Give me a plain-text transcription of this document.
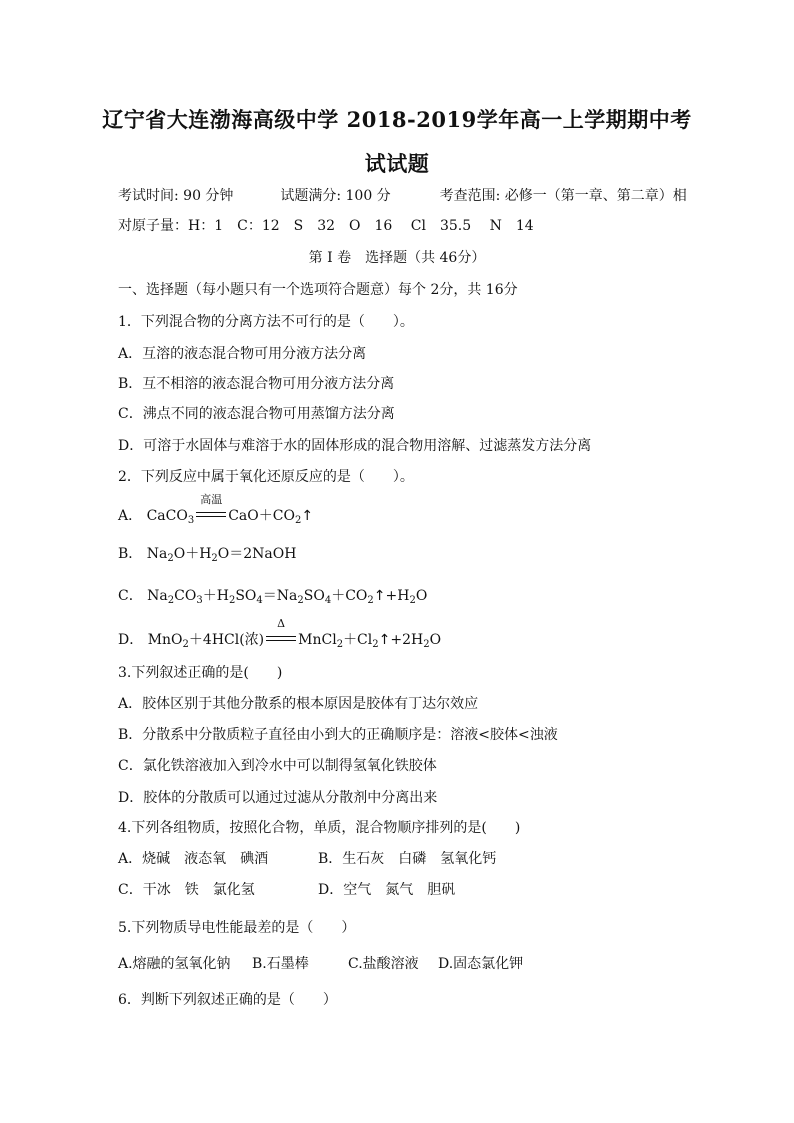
辽宁省大连渤海高级中学 2018-2019学年高一上学期期中考
试试题
考试时间: 90 分钟	试题满分: 100 分	考查范围: 必修一（第一章、第二章）相
对原子量：H：1　C：12　S　32　O　16　 Cl　35.5　 N　14
第 I 卷　选择题（共 46分）
一、选择题（每小题只有一个选项符合题意）每个 2分，共 16分
1．下列混合物的分离方法不可行的是（　　）。
A．互溶的液态混合物可用分液方法分离
B．互不相溶的液态混合物可用分液方法分离
C．沸点不同的液态混合物可用蒸馏方法分离
D．可溶于水固体与难溶于水的固体形成的混合物用溶解、过滤蒸发方法分离
2．下列反应中属于氧化还原反应的是（　　）。
A． CaCO$_3$
高温
$CaO+CO_2↑$
B． $Na_2O+H_2O=2NaOH$
C． $Na_2CO_3+H_2SO_4=Na_2SO_4+CO_2↑+H_2O$
D． MnO$_2$＋4HCl(浓)
Δ
$MnCl_2+Cl_2↑+2H_2O$
3.下列叙述正确的是(　　)
A．胶体区别于其他分散系的根本原因是胶体有丁达尔效应
B．分散系中分散质粒子直径由小到大的正确顺序是：溶液<胶体<浊液
C．氯化铁溶液加入到冷水中可以制得氢氧化铁胶体
D．胶体的分散质可以通过过滤从分散剂中分离出来
4.下列各组物质，按照化合物，单质，混合物顺序排列的是(　　)
A．烧碱　液态氧　碘酒	B．生石灰　白磷　氢氧化钙
C．干冰　铁　氯化氢	D．空气　氮气　胆矾
5.下列物质导电性能最差的是（　　）
A.熔融的氢氧化钠 B.石墨棒	C.盐酸溶液 D.固态氯化钾
6．判断下列叙述正确的是（　　）
